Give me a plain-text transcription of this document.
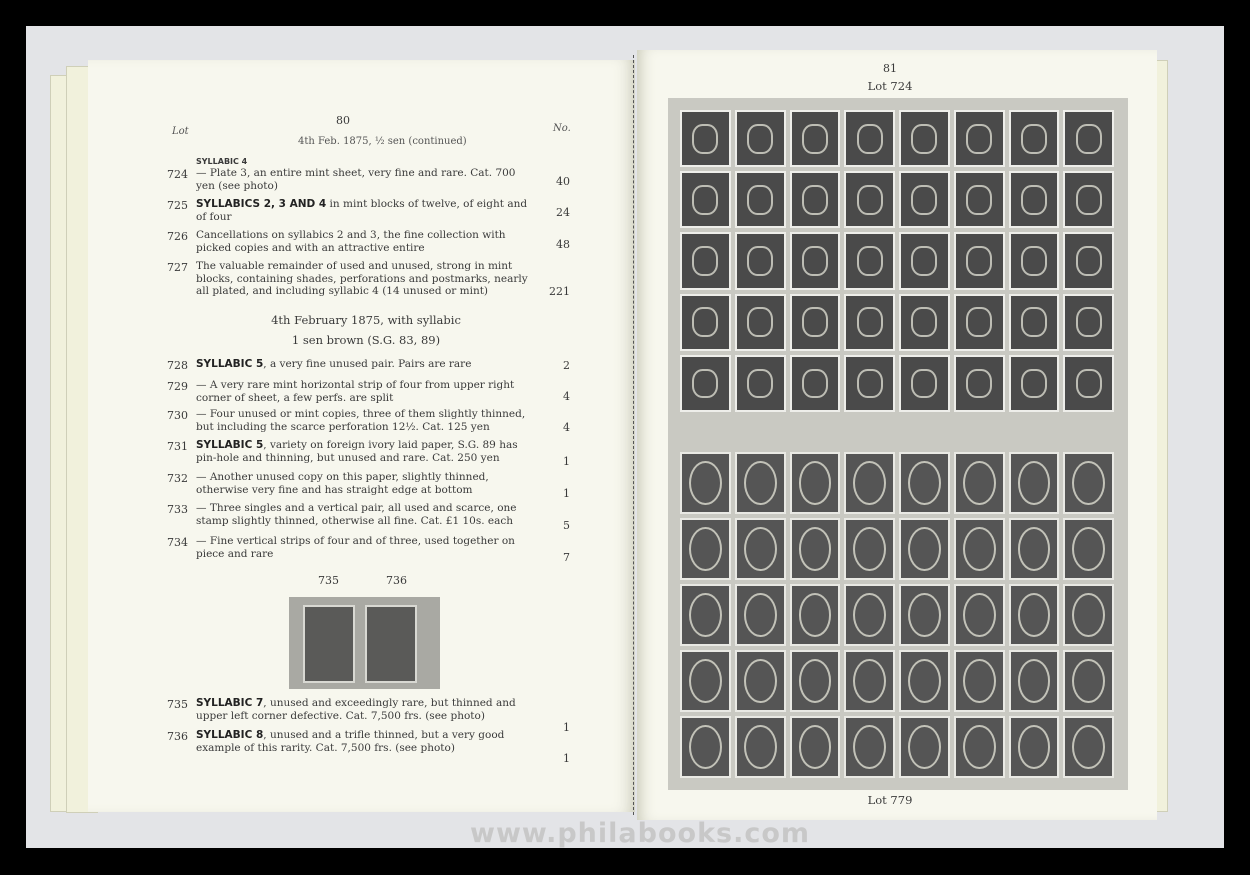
Lot
80
No.
4th Feb. 1875, ½ sen (continued)
SYLLABIC 4
724 — Plate 3, an entire mint sheet, very fine and rare. Cat. 700 yen (see photo)	40
725 SYLLABICS 2, 3 AND 4 in mint blocks of twelve, of eight and of four	24
726 Cancellations on syllabics 2 and 3, the fine collection with picked copies and with an attractive entire	48
727 The valuable remainder of used and unused, strong in mint blocks, containing shades, perforations and postmarks, nearly all plated, and including syllabic 4 (14 unused or mint)	221
4th February 1875, with syllabic
1 sen brown (S.G. 83, 89)
728 SYLLABIC 5, a very fine unused pair. Pairs are rare	2
729 — A very rare mint horizontal strip of four from upper right corner of sheet, a few perfs. are split	4
730 — Four unused or mint copies, three of them slightly thinned, but including the scarce perforation 12½. Cat. 125 yen	4
731 SYLLABIC 5, variety on foreign ivory laid paper, S.G. 89 has pin-hole and thinning, but unused and rare. Cat. 250 yen	1
732 — Another unused copy on this paper, slightly thinned, otherwise very fine and has straight edge at bottom	1
733 — Three singles and a vertical pair, all used and scarce, one stamp slightly thinned, otherwise all fine. Cat. £1 10s. each	5
734 — Fine vertical strips of four and of three, used together on piece and rare	7
735	736
735 SYLLABIC 7, unused and exceedingly rare, but thinned and upper left corner defective. Cat. 7,500 frs. (see photo)
1
736 SYLLABIC 8, unused and a trifle thinned, but a very good example of this rarity. Cat. 7,500 frs. (see photo)
1
81
Lot 724
Lot 779
www.philabooks.com
